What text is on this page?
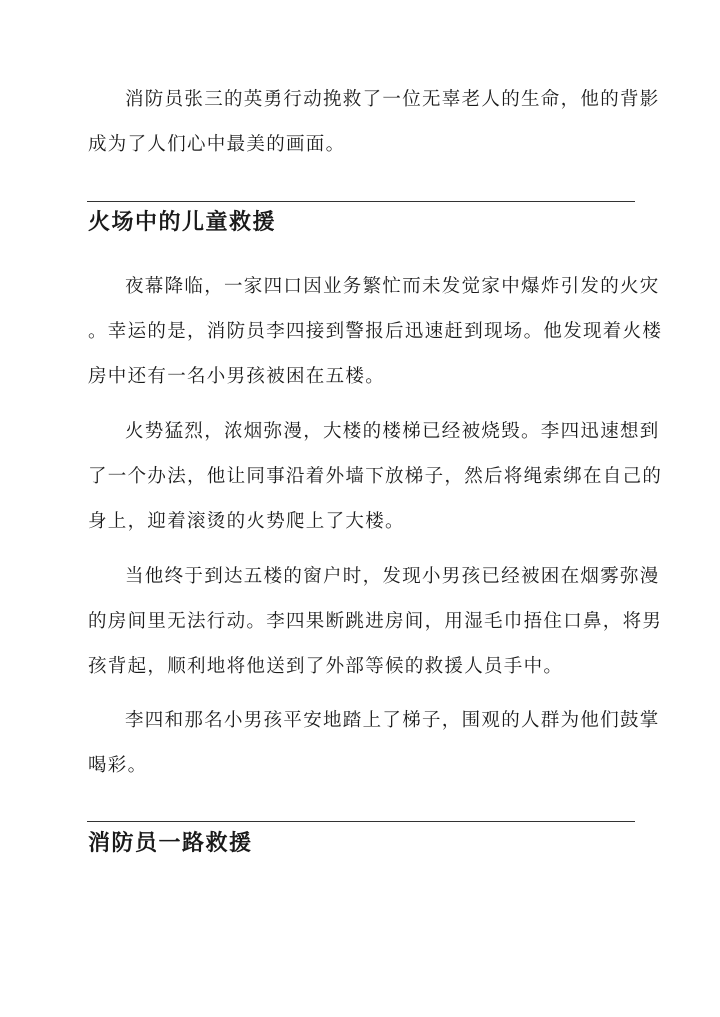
消防员张三的英勇行动挽救了一位无辜老人的生命，他的背影
成为了人们心中最美的画面。

火场中的儿童救援

夜幕降临，一家四口因业务繁忙而未发觉家中爆炸引发的火灾
。幸运的是，消防员李四接到警报后迅速赶到现场。他发现着火楼
房中还有一名小男孩被困在五楼。

火势猛烈，浓烟弥漫，大楼的楼梯已经被烧毁。李四迅速想到
了一个办法，他让同事沿着外墙下放梯子，然后将绳索绑在自己的
身上，迎着滚烫的火势爬上了大楼。

当他终于到达五楼的窗户时，发现小男孩已经被困在烟雾弥漫
的房间里无法行动。李四果断跳进房间，用湿毛巾捂住口鼻，将男
孩背起，顺利地将他送到了外部等候的救援人员手中。

李四和那名小男孩平安地踏上了梯子，围观的人群为他们鼓掌
喝彩。

消防员一路救援
